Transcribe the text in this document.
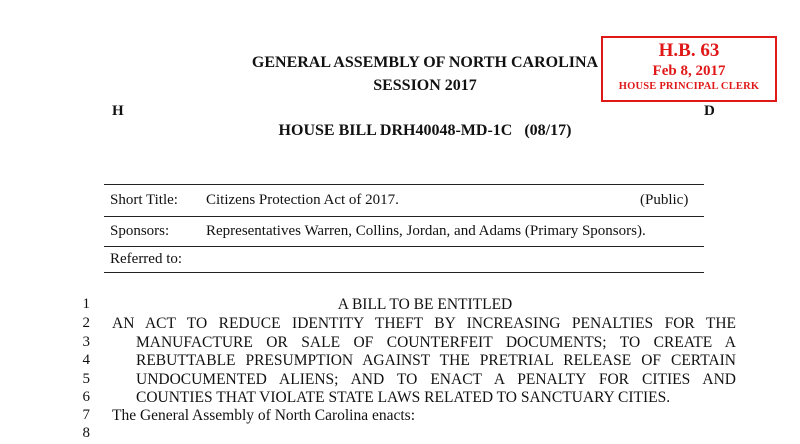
GENERAL ASSEMBLY OF NORTH CAROLINA
SESSION 2017
H	D
HOUSE BILL DRH40048-MD-1C   (08/17)
H.B. 63
Feb 8, 2017
HOUSE PRINCIPAL CLERK
Short Title: Citizens Protection Act of 2017.	(Public)
Sponsors: Representatives Warren, Collins, Jordan, and Adams (Primary Sponsors).
Referred to:
1
2
3
4
5
6
7
8
A BILL TO BE ENTITLED
AN ACT TO REDUCE IDENTITY THEFT BY INCREASING PENALTIES FOR THE
MANUFACTURE OR SALE OF COUNTERFEIT DOCUMENTS; TO CREATE A
REBUTTABLE PRESUMPTION AGAINST THE PRETRIAL RELEASE OF CERTAIN
UNDOCUMENTED ALIENS; AND TO ENACT A PENALTY FOR CITIES AND
COUNTIES THAT VIOLATE STATE LAWS RELATED TO SANCTUARY CITIES.
The General Assembly of North Carolina enacts:
